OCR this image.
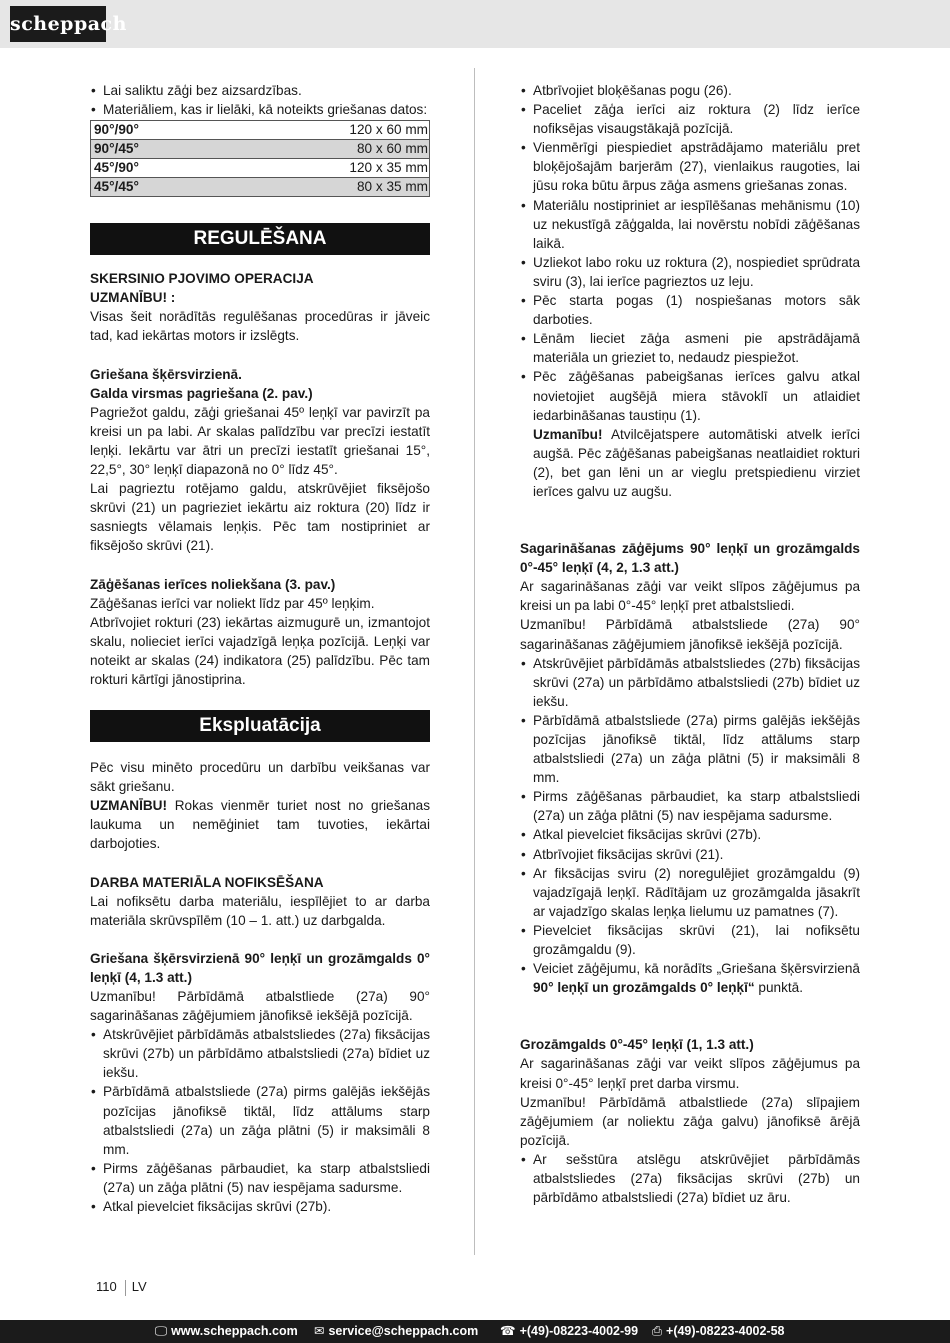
scheppach
• Lai saliktu zāģi bez aizsardzības.
• Materiāliem, kas ir lielāki, kā noteikts griešanas datos:
90°/90°	120 x 60 mm
90°/45°	80 x 60 mm
45°/90°	120 x 35 mm
45°/45°	80 x 35 mm
REGULĒŠANA

SKERSINIO PJOVIMO OPERACIJA

UZMANĪBU! :

Visas šeit norādītās regulēšanas procedūras ir jāveic tad, kad iekārtas motors ir izslēgts.

Griešana šķērsvirzienā.

Galda virsmas pagriešana (2. pav.)

Pagriežot galdu, zāģi griešanai 45º leņķī var pavirzīt pa kreisi un pa labi. Ar skalas palīdzību var precīzi iestatīt leņķi. Iekārtu var ātri un precīzi iestatīt griešanai 15°, 22,5°, 30° leņķī diapazonā no 0° līdz 45°.

Lai pagrieztu rotējamo galdu, atskrūvējiet fiksējošo skrūvi (21) un pagrieziet iekārtu aiz roktura (20) līdz ir sasniegts vēlamais leņķis. Pēc tam nostipriniet ar fiksējošo skrūvi (21).

Zāģēšanas ierīces noliekšana (3. pav.)

Zāģēšanas ierīci var noliekt līdz par 45º leņķim.

Atbrīvojiet rokturi (23) iekārtas aizmugurē un, izmantojot skalu, nolieciet ierīci vajadzīgā leņķa pozīcijā. Leņķi var noteikt ar skalas (24) indikatora (25) palīdzību. Pēc tam rokturi kārtīgi jānostiprina.

Ekspluatācija

Pēc visu minēto procedūru un darbību veikšanas var sākt griešanu.

UZMANĪBU! Rokas vienmēr turiet nost no griešanas laukuma un nemēģiniet tam tuvoties, iekārtai darbojoties.

DARBA MATERIĀLA NOFIKSĒŠANA

Lai nofiksētu darba materiālu, iespīlējiet to ar darba materiāla skrūvspīlēm (10 – 1. att.) uz darbgalda.

Griešana šķērsvirzienā 90° leņķī un grozāmgalds 0° leņķī (4, 1.3 att.)

Uzmanību! Pārbīdāmā atbalstliede (27a) 90° sagarināšanas zāģējumiem jānofiksē iekšējā pozīcijā.

• Atskrūvējiet pārbīdāmās atbalstsliedes (27a) fiksācijas skrūvi (27b) un pārbīdāmo atbalstsliedi (27a) bīdiet uz iekšu.
• Pārbīdāmā atbalstsliede (27a) pirms galējās iekšējās pozīcijas jānofiksē tiktāl, līdz attālums starp atbalstsliedi (27a) un zāģa plātni (5) ir maksimāli 8 mm.
• Pirms zāģēšanas pārbaudiet, ka starp atbalstsliedi (27a) un zāģa plātni (5) nav iespējama sadursme.
• Atkal pievelciet fiksācijas skrūvi (27b).
• Atbrīvojiet bloķēšanas pogu (26).
• Paceliet zāģa ierīci aiz roktura (2) līdz ierīce nofiksējas visaugstākajā pozīcijā.
• Vienmērīgi piespiediet apstrādājamo materiālu pret bloķējošajām barjerām (27), vienlaikus raugoties, lai jūsu roka būtu ārpus zāģa asmens griešanas zonas.
• Materiālu nostipriniet ar iespīlēšanas mehānismu (10) uz nekustīgā zāģgalda, lai novērstu nobīdi zāģēšanas laikā.
• Uzliekot labo roku uz roktura (2), nospiediet sprūdrata sviru (3), lai ierīce pagrieztos uz leju.
• Pēc starta pogas (1) nospiešanas motors sāk darboties.
• Lēnām lieciet zāģa asmeni pie apstrādājamā materiāla un grieziet to, nedaudz piespiežot.
• Pēc zāģēšanas pabeigšanas ierīces galvu atkal novietojiet augšējā miera stāvoklī un atlaidiet iedarbināšanas taustiņu (1).

Uzmanību! Atvilcējatspere automātiski atvelk ierīci augšā. Pēc zāģēšanas pabeigšanas neatlaidiet rokturi (2), bet gan lēni un ar vieglu pretspiedienu virziet ierīces galvu uz augšu.

Sagarināšanas zāģējums 90° leņķī un grozāmgalds 0°-45° leņķī (4, 2, 1.3 att.)

Ar sagarināšanas zāģi var veikt slīpos zāģējumus pa kreisi un pa labi 0°-45° leņķī pret atbalstsliedi.

Uzmanību! Pārbīdāmā atbalstsliede (27a) 90° sagarināšanas zāģējumiem jānofiksē iekšējā pozīcijā.

• Atskrūvējiet pārbīdāmās atbalstsliedes (27b) fiksācijas skrūvi (27a) un pārbīdāmo atbalstsliedi (27b) bīdiet uz iekšu.
• Pārbīdāmā atbalstsliede (27a) pirms galējās iekšējās pozīcijas jānofiksē tiktāl, līdz attālums starp atbalstsliedi (27a) un zāģa plātni (5) ir maksimāli 8 mm.
• Pirms zāģēšanas pārbaudiet, ka starp atbalstsliedi (27a) un zāģa plātni (5) nav iespējama sadursme.
• Atkal pievelciet fiksācijas skrūvi (27b).
• Atbrīvojiet fiksācijas skrūvi (21).
• Ar fiksācijas sviru (2) noregulējiet grozāmgaldu (9) vajadzīgajā leņķī. Rādītājam uz grozāmgalda jāsakrīt ar vajadzīgo skalas leņķa lielumu uz pamatnes (7).
• Pievelciet fiksācijas skrūvi (21), lai nofiksētu grozāmgaldu (9).
• Veiciet zāģējumu, kā norādīts „Griešana šķērsvirzienā 90° leņķī un grozāmgalds 0° leņķī“ punktā.

Grozāmgalds 0°-45° leņķī (1, 1.3 att.)

Ar sagarināšanas zāģi var veikt slīpos zāģējumus pa kreisi 0°-45° leņķī pret darba virsmu.

Uzmanību! Pārbīdāmā atbalstliede (27a) slīpajiem zāģējumiem (ar noliektu zāģa galvu) jānofiksē ārējā pozīcijā.

• Ar sešstūra atslēgu atskrūvējiet pārbīdāmās atbalstsliedes (27a) fiksācijas skrūvi (27b) un pārbīdāmo atbalstsliedi (27a) bīdiet uz āru.
110 LV
🖵 www.scheppach.com ✉ service@scheppach.com ☎ +(49)-08223-4002-99 ⎙ +(49)-08223-4002-58
